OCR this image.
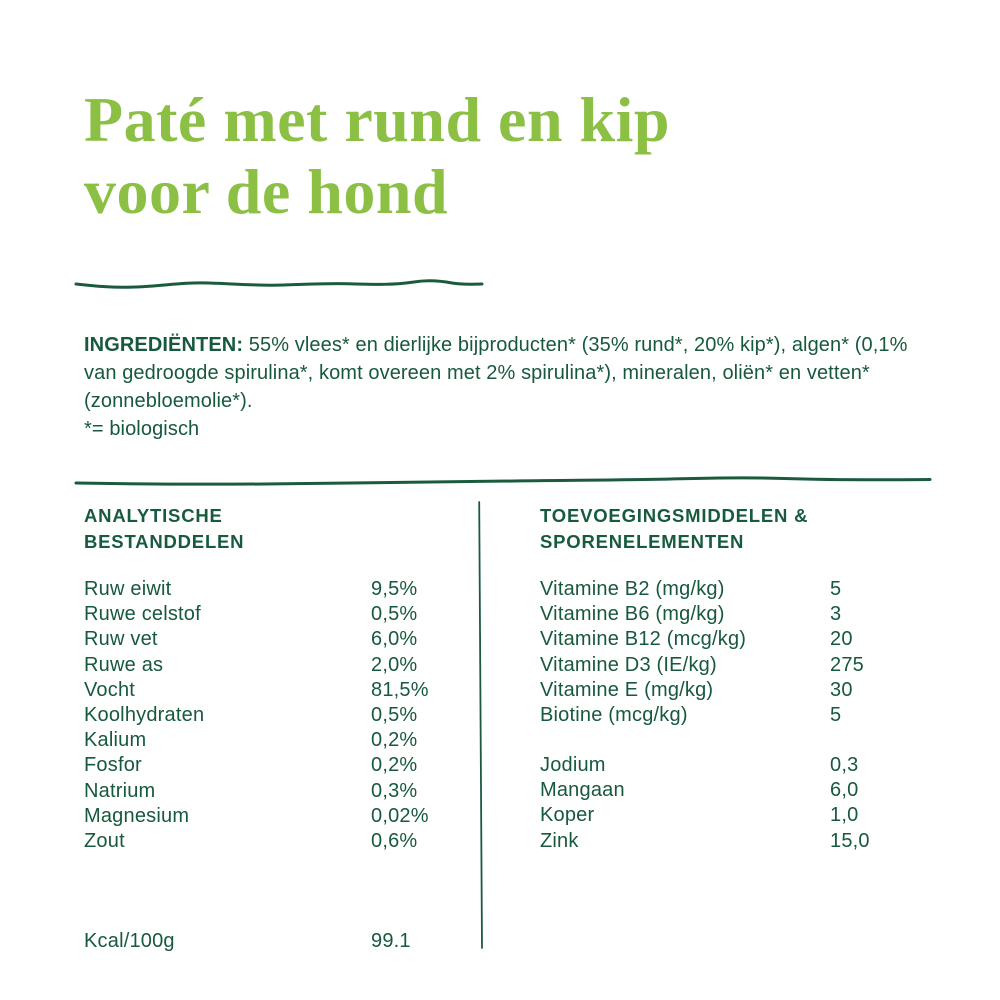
Paté met rund en kip
voor de hond
INGREDIËNTEN: 55% vlees* en dierlijke bijproducten* (35% rund*, 20% kip*), algen* (0,1% van gedroogde spirulina*, komt overeen met 2% spirulina*), mineralen, oliën* en vetten* (zonnebloemolie*).
*= biologisch
ANALYTISCHE BESTANDDELEN
Ruw eiwit	9,5%
Ruwe celstof	0,5%
Ruw vet	6,0%
Ruwe as	2,0%
Vocht	81,5%
Koolhydraten	0,5%
Kalium	0,2%
Fosfor	0,2%
Natrium	0,3%
Magnesium	0,02%
Zout	0,6%
Kcal/100g	99.1
TOEVOEGINGSMIDDELEN & SPORENELEMENTEN
Vitamine B2 (mg/kg)	5
Vitamine B6 (mg/kg)	3
Vitamine B12 (mcg/kg)	20
Vitamine D3 (IE/kg)	275
Vitamine E (mg/kg)	30
Biotine (mcg/kg)	5
Jodium	0,3
Mangaan	6,0
Koper	1,0
Zink	15,0
